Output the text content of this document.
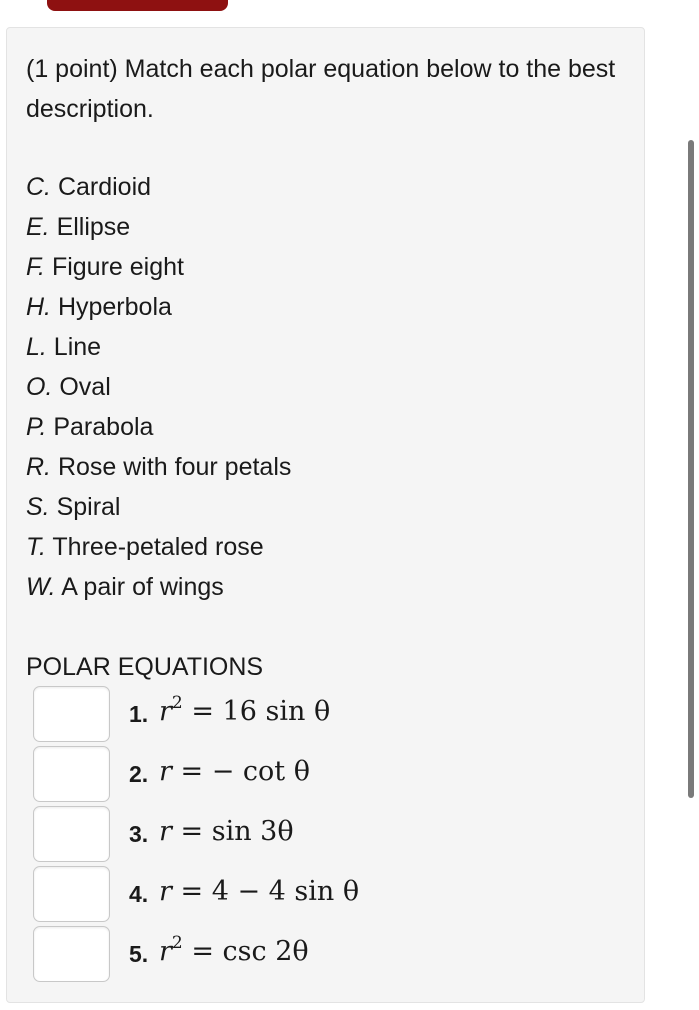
(1 point) Match each polar equation below to the best description.
C. Cardioid
E. Ellipse
F. Figure eight
H. Hyperbola
L. Line
O. Oval
P. Parabola
R. Rose with four petals
S. Spiral
T. Three-petaled rose
W. A pair of wings
POLAR EQUATIONS
1. $r^2 = 16$ sin θ
2. r = − cot θ
3. r = sin 3θ
4. r = 4 − 4 sin θ
5. $r^2 = \csc 2\theta$
